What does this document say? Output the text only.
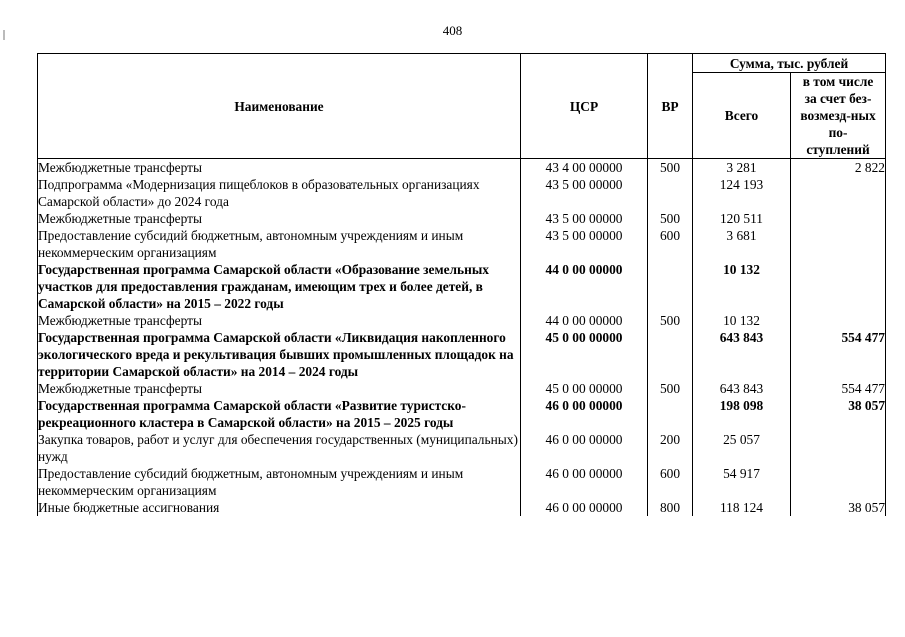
408
Наименование	ЦСР	ВР	Сумма, тыс. рублей	
			Всего	в том числе за счет без-возмезд-ных по-ступлений

Межбюджетные трансферты	43 4 00 00000	500	3 281	2 822
Подпрограмма «Модернизация пищеблоков в образовательных организациях Самарской области» до 2024 года	43 5 00 00000		124 193	
Межбюджетные трансферты	43 5 00 00000	500	120 511	
Предоставление субсидий бюджетным, автономным учреждениям и иным некоммерческим организациям	43 5 00 00000	600	3 681	
Государственная программа Самарской области «Образование земельных участков для предоставления гражданам, имеющим трех и более детей, в Самарской области» на 2015 – 2022 годы	44 0 00 00000		10 132	
Межбюджетные трансферты	44 0 00 00000	500	10 132	
Государственная программа Самарской области «Ликвидация накопленного экологического вреда и рекультивация бывших промышленных площадок на территории Самарской области» на 2014 – 2024 годы	45 0 00 00000		643 843	554 477
Межбюджетные трансферты	45 0 00 00000	500	643 843	554 477
Государственная программа Самарской области «Развитие туристско-рекреационного кластера в Самарской области» на 2015 – 2025 годы	46 0 00 00000		198 098	38 057
Закупка товаров, работ и услуг для обеспечения государственных (муниципальных) нужд	46 0 00 00000	200	25 057	
Предоставление субсидий бюджетным, автономным учреждениям и иным некоммерческим организациям	46 0 00 00000	600	54 917	
Иные бюджетные ассигнования	46 0 00 00000	800	118 124	38 057
